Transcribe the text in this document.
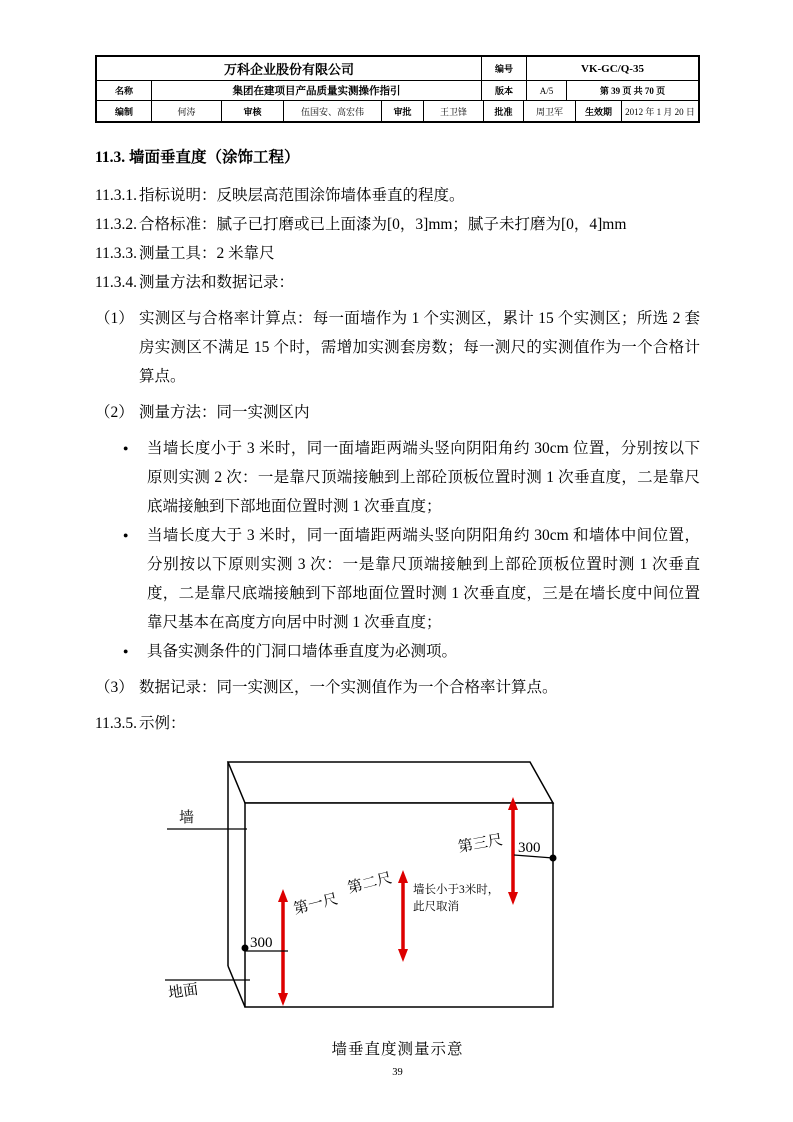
万科企业股份有限公司	编号	VK-GC/Q-35
名称	集团在建项目产品质量实测操作指引	版本	A/5	第 39 页 共 70 页
编制	何涛	审核	伍国安、高宏伟	审批	王卫锋	批准	周卫军	生效期	2012 年 1 月 20 日
11.3. 墙面垂直度（涂饰工程）
11.3.1. 指标说明：反映层高范围涂饰墙体垂直的程度。
11.3.2. 合格标准：腻子已打磨或已上面漆为[0，3]mm；腻子未打磨为[0，4]mm
11.3.3. 测量工具：2 米靠尺
11.3.4. 测量方法和数据记录：
（1） 实测区与合格率计算点：每一面墙作为 1 个实测区，累计 15 个实测区；所选 2 套房实测区不满足 15 个时，需增加实测套房数；每一测尺的实测值作为一个合格计算点。
（2） 测量方法：同一实测区内
●	当墙长度小于 3 米时，同一面墙距两端头竖向阴阳角约 30cm 位置，分别按以下原则实测 2 次：一是靠尺顶端接触到上部砼顶板位置时测 1 次垂直度，二是靠尺底端接触到下部地面位置时测 1 次垂直度；
●	当墙长度大于 3 米时，同一面墙距两端头竖向阴阳角约 30cm 和墙体中间位置，分别按以下原则实测 3 次：一是靠尺顶端接触到上部砼顶板位置时测 1 次垂直度，二是靠尺底端接触到下部地面位置时测 1 次垂直度，三是在墙长度中间位置靠尺基本在高度方向居中时测 1 次垂直度；
●	具备实测条件的门洞口墙体垂直度为必测项。
（3） 数据记录：同一实测区，一个实测值作为一个合格率计算点。
11.3.5. 示例：
墙
地面
第一尺
300
第二尺 墙长小于3米时，
此尺取消
第三尺 300
墙垂直度测量示意
39
